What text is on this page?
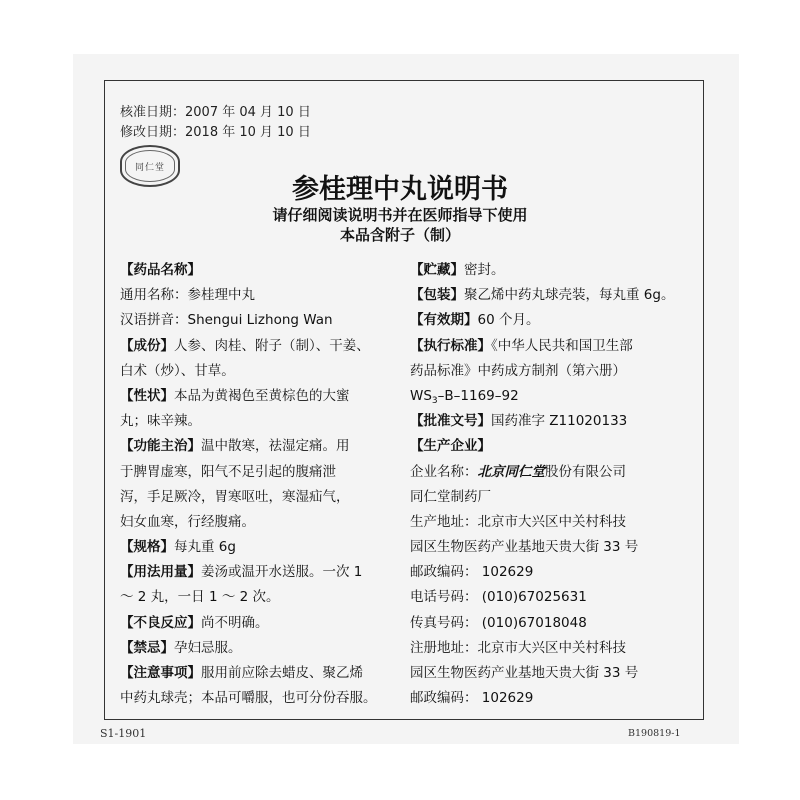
核准日期：2007 年 04 月 10 日
修改日期：2018 年 10 月 10 日
同仁堂
参桂理中丸说明书
请仔细阅读说明书并在医师指导下使用
本品含附子（制）
【药品名称】
通用名称：参桂理中丸
汉语拼音：Shengui Lizhong Wan
【成份】人参、肉桂、附子（制）、干姜、
白术（炒）、甘草。
【性状】本品为黄褐色至黄棕色的大蜜
丸；味辛辣。
【功能主治】温中散寒，祛湿定痛。用
于脾胃虚寒，阳气不足引起的腹痛泄
泻，手足厥冷，胃寒呕吐，寒湿疝气，
妇女血寒，行经腹痛。
【规格】每丸重 6g
【用法用量】姜汤或温开水送服。一次 1
～ 2 丸，一日 1 ～ 2 次。
【不良反应】尚不明确。
【禁忌】孕妇忌服。
【注意事项】服用前应除去蜡皮、聚乙烯
中药丸球壳；本品可嚼服，也可分份吞服。
【贮藏】密封。
【包装】聚乙烯中药丸球壳装，每丸重 6g。
【有效期】60 个月。
【执行标准】《中华人民共和国卫生部
药品标准》中药成方制剂（第六册）
$WS_3-B-1169-92$
【批准文号】国药准字 Z11020133
【生产企业】
企业名称：北京同仁堂股份有限公司
同仁堂制药厂
生产地址：北京市大兴区中关村科技
园区生物医药产业基地天贵大街 33 号
邮政编码： 102629
电话号码： (010)67025631
传真号码： (010)67018048
注册地址：北京市大兴区中关村科技
园区生物医药产业基地天贵大街 33 号
邮政编码： 102629
S1-1901	B190819-1
